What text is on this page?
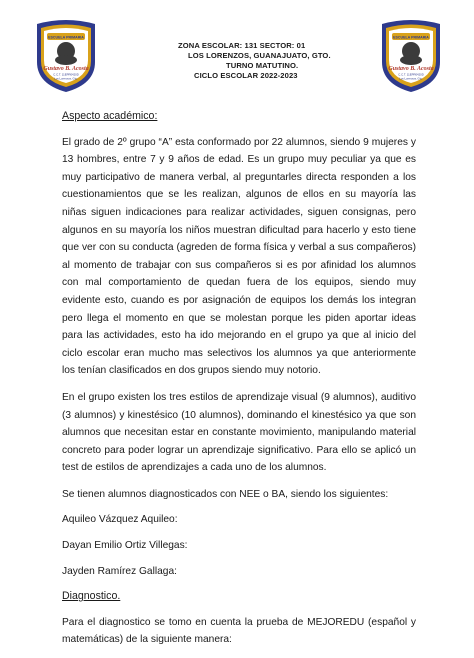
ESCUELA PRIMARIA
Gustavo B. Acosta
C.C.T. 11EPR0420D
Los Lorenzos, Gto.
ZONA ESCOLAR: 131 SECTOR: 01
LOS LORENZOS, GUANAJUATO, GTO.
TURNO MATUTINO.
CICLO ESCOLAR 2022-2023
ESCUELA PRIMARIA
Gustavo B. Acosta
C.C.T. 11EPR0420D
Los Lorenzos, Gto.
Aspecto académico:

El grado de 2º grupo “A” esta conformado por 22 alumnos, siendo 9 mujeres y 13 hombres, entre 7 y 9 años de edad. Es un grupo muy peculiar ya que es muy participativo de manera verbal, al preguntarles directa responden a los cuestionamientos que se les realizan, algunos de ellos en su mayoría las niñas siguen indicaciones para realizar actividades, siguen consignas, pero algunos en su mayoría los niños muestran dificultad para hacerlo y esto tiene que ver con su conducta (agreden de forma física y verbal a sus compañeros) al momento de trabajar con sus compañeros si es por afinidad los alumnos con mal comportamiento de quedan fuera de los equipos, siendo muy evidente esto, cuando es por asignación de equipos los demás los integran pero llega el momento en que se molestan porque les piden aportar ideas para las actividades, esto ha ido mejorando en el grupo ya que al inicio del ciclo escolar eran mucho mas selectivos los alumnos ya que anteriormente los tenían clasificados en dos grupos siendo muy notorio.

En el grupo existen los tres estilos de aprendizaje visual (9 alumnos), auditivo (3 alumnos) y kinestésico (10 alumnos), dominando el kinestésico ya que son alumnos que necesitan estar en constante movimiento, manipulando material concreto para poder lograr un aprendizaje significativo. Para ello se aplicó un test de estilos de aprendizajes a cada uno de los alumnos.

Se tienen alumnos diagnosticados con NEE o BA, siendo los siguientes:

Aquileo Vázquez Aquileo:

Dayan Emilio Ortiz Villegas:

Jayden Ramírez Gallaga:

Diagnostico.

Para el diagnostico se tomo en cuenta la prueba de MEJOREDU (español y matemáticas) de la siguiente manera:
